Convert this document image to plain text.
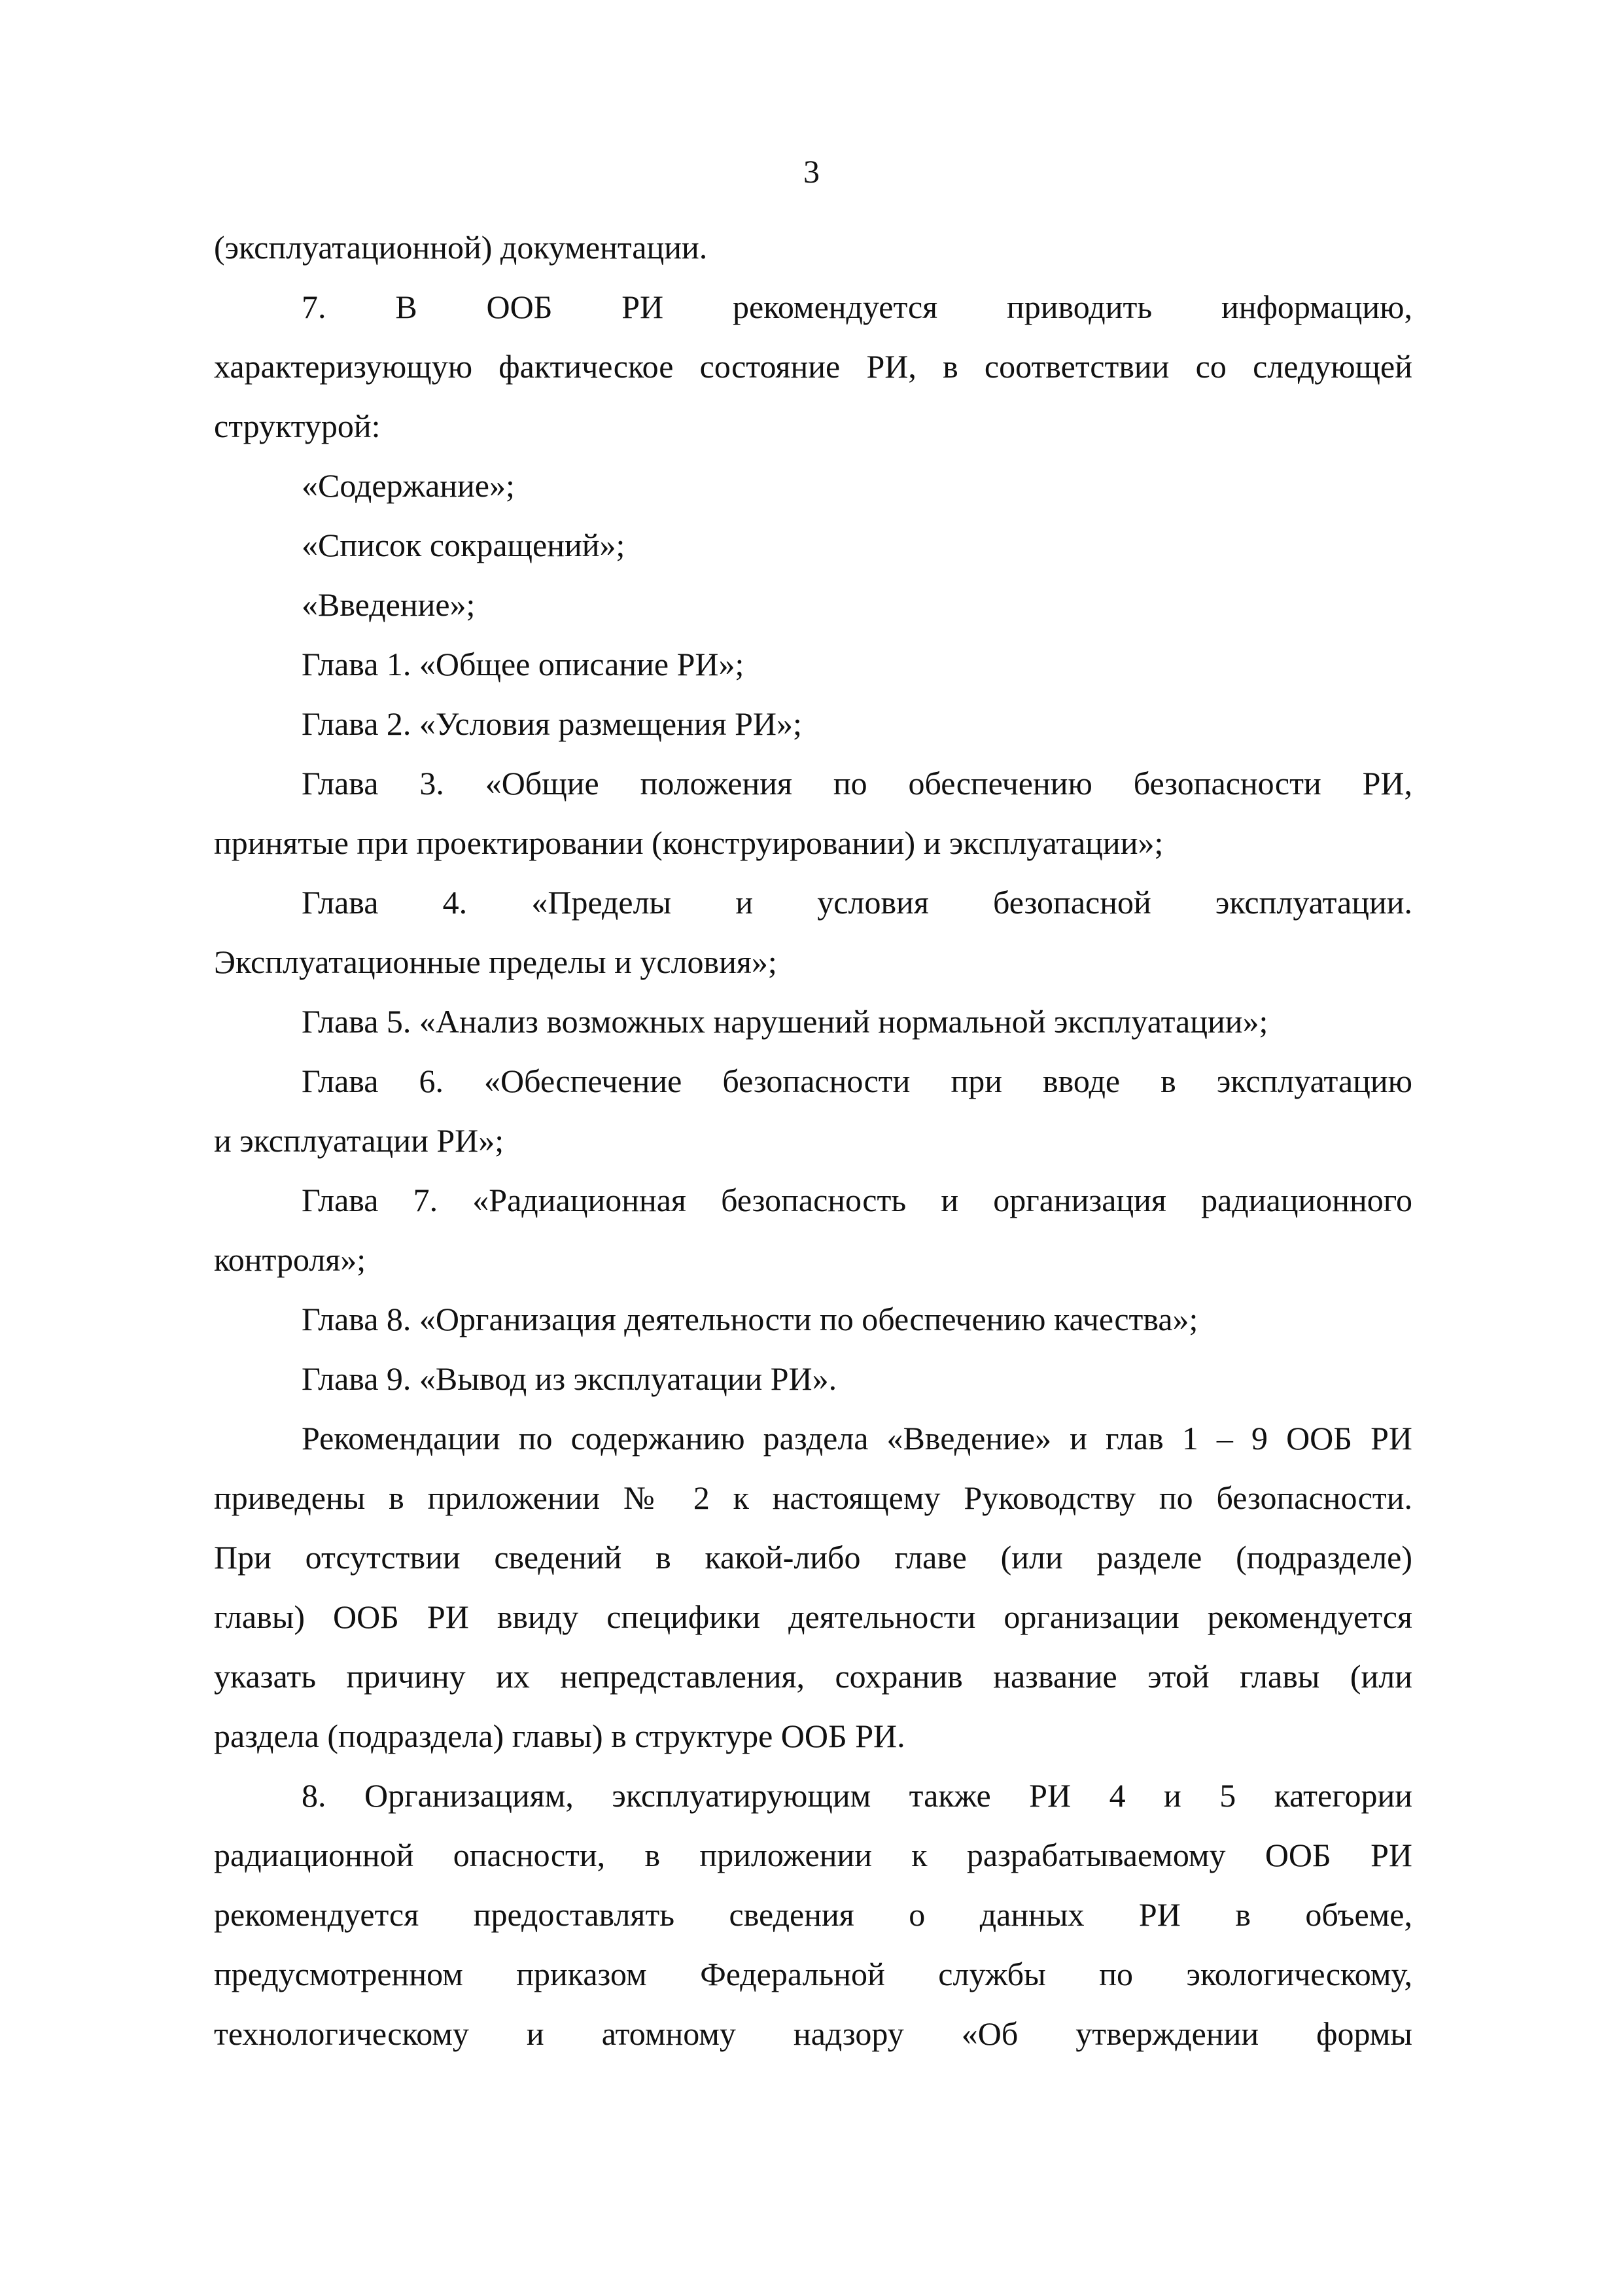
3
(эксплуатационной) документации.
7. В ООБ РИ рекомендуется приводить информацию,
характеризующую фактическое состояние РИ, в соответствии со следующей
структурой:
«Содержание»;
«Список сокращений»;
«Введение»;
Глава 1. «Общее описание РИ»;
Глава 2. «Условия размещения РИ»;
Глава 3. «Общие положения по обеспечению безопасности РИ,
принятые при проектировании (конструировании) и эксплуатации»;
Глава 4. «Пределы и условия безопасной эксплуатации.
Эксплуатационные пределы и условия»;
Глава 5. «Анализ возможных нарушений нормальной эксплуатации»;
Глава 6. «Обеспечение безопасности при вводе в эксплуатацию
и эксплуатации РИ»;
Глава 7. «Радиационная безопасность и организация радиационного
контроля»;
Глава 8. «Организация деятельности по обеспечению качества»;
Глава 9. «Вывод из эксплуатации РИ».
Рекомендации по содержанию раздела «Введение» и глав 1 – 9 ООБ РИ
приведены в приложении № 2 к настоящему Руководству по безопасности.
При отсутствии сведений в какой-либо главе (или разделе (подразделе)
главы) ООБ РИ ввиду специфики деятельности организации рекомендуется
указать причину их непредставления, сохранив название этой главы (или
раздела (подраздела) главы) в структуре ООБ РИ.
8. Организациям, эксплуатирующим также РИ 4 и 5 категории
радиационной опасности, в приложении к разрабатываемому ООБ РИ
рекомендуется предоставлять сведения о данных РИ в объеме,
предусмотренном приказом Федеральной службы по экологическому,
технологическому и атомному надзору «Об утверждении формы
